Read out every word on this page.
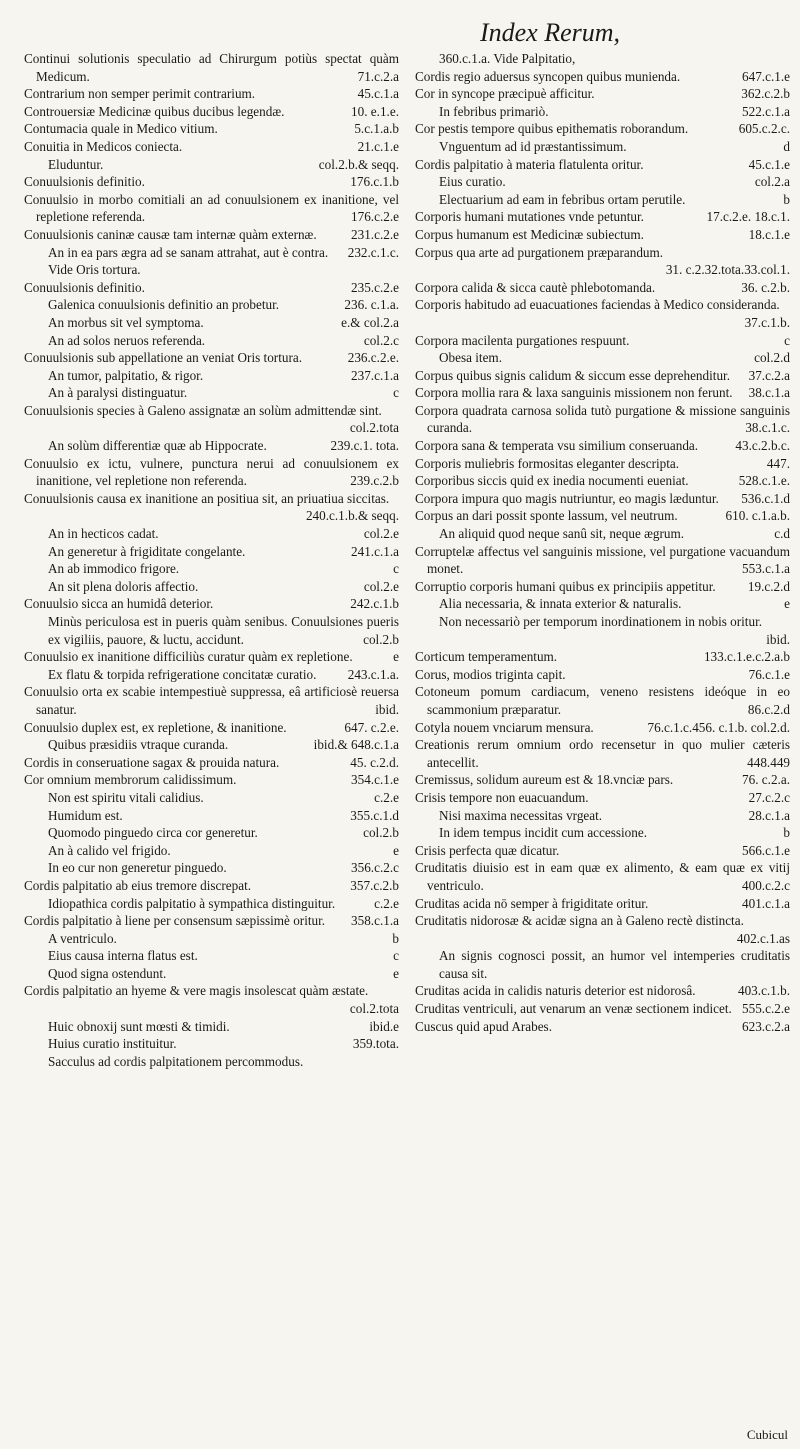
Index Rerum,

Continui solutionis speculatio ad Chirurgum potiùs spectat quàm Medicum.	71.c.2.a

Contrarium non semper perimit contrarium.	45.c.1.a

Controuersiæ Medicinæ quibus ducibus legendæ.	10. e.1.e.

Contumacia quale in Medico vitium.	5.c.1.a.b

Conuitia in Medicos coniecta.	21.c.1.e

Eluduntur.	col.2.b.& seqq.

Conuulsionis definitio.	176.c.1.b

Conuulsio in morbo comitiali an ad conuulsionem ex inanitione, vel repletione referenda.	176.c.2.e

Conuulsionis caninæ causæ tam internæ quàm externæ.	231.c.2.e

An in ea pars ægra ad se sanam attrahat, aut è contra.	232.c.1.c.

Vide Oris tortura.

Conuulsionis definitio.	235.c.2.e

Galenica conuulsionis definitio an probetur.	236. c.1.a.

An morbus sit vel symptoma.	e.& col.2.a

An ad solos neruos referenda.	col.2.c

Conuulsionis sub appellatione an veniat Oris tortura.	236.c.2.e.

An tumor, palpitatio, & rigor.	237.c.1.a

An à paralysi distinguatur.	c

Conuulsionis species à Galeno assignatæ an solùm admittendæ sint.
col.2.tota

An solùm differentiæ quæ ab Hippocrate.	239.c.1. tota.

Conuulsio ex ictu, vulnere, punctura nerui ad conuulsionem ex inanitione, vel repletione non referenda.	239.c.2.b

Conuulsionis causa ex inanitione an positiua sit, an priuatiua siccitas.
240.c.1.b.& seqq.

An in hecticos cadat.	col.2.e

An generetur à frigiditate congelante.	241.c.1.a

An ab immodico frigore.	c

An sit plena doloris affectio.	col.2.e

Conuulsio sicca an humidâ deterior.	242.c.1.b

Minùs periculosa est in pueris quàm senibus. Conuulsiones pueris ex vigiliis, pauore, & luctu, accidunt.	col.2.b

Conuulsio ex inanitione difficiliùs curatur quàm ex repletione.	e

Ex flatu & torpida refrigeratione concitatæ curatio.	243.c.1.a.

Conuulsio orta ex scabie intempestiuè suppressa, eâ artificiosè reuersa sanatur.	ibid.

Conuulsio duplex est, ex repletione, & inanitione.	647. c.2.e.

Quibus præsidiis vtraque curanda.	ibid.& 648.c.1.a

Cordis in conseruatione sagax & prouida natura.	45. c.2.d.

Cor omnium membrorum calidissimum.	354.c.1.e

Non est spiritu vitali calidius.	c.2.e

Humidum est.	355.c.1.d

Quomodo pinguedo circa cor generetur.	col.2.b

An à calido vel frigido.	e

In eo cur non generetur pinguedo.	356.c.2.c

Cordis palpitatio ab eius tremore discrepat.	357.c.2.b

Idiopathica cordis palpitatio à sympathica distinguitur.	c.2.e

Cordis palpitatio à liene per consensum sæpissimè oritur.	358.c.1.a

A ventriculo.	b

Eius causa interna flatus est.	c

Quod signa ostendunt.	e

Cordis palpitatio an hyeme & vere magis insolescat quàm æstate.
col.2.tota

Huic obnoxij sunt mœsti & timidi.	ibid.e

Huius curatio instituitur.	359.tota.

Sacculus ad cordis palpitationem percommodus.

360.c.1.a. Vide Palpitatio,

Cordis regio aduersus syncopen quibus munienda.	647.c.1.e

Cor in syncope præcipuè afficitur.	362.c.2.b

In febribus primariò.	522.c.1.a

Cor pestis tempore quibus epithematis roborandum.	605.c.2.c.

Vnguentum ad id præstantissimum.	d

Cordis palpitatio à materia flatulenta oritur.	45.c.1.e

Eius curatio.	col.2.a

Electuarium ad eam in febribus ortam perutile.	b

Corporis humani mutationes vnde petuntur.	17.c.2.e. 18.c.1.

Corpus humanum est Medicinæ subiectum.	18.c.1.e

Corpus qua arte ad purgationem præparandum.
31. c.2.32.tota.33.col.1.

Corpora calida & sicca cautè phlebotomanda.	36. c.2.b.

Corporis habitudo ad euacuationes faciendas à Medico consideranda.
37.c.1.b.

Corpora macilenta purgationes respuunt.	c

Obesa item.	col.2.d

Corpus quibus signis calidum & siccum esse deprehenditur.	37.c.2.a

Corpora mollia rara & laxa sanguinis missionem non ferunt.	38.c.1.a

Corpora quadrata carnosa solida tutò purgatione & missione sanguinis curanda.	38.c.1.c.

Corpora sana & temperata vsu similium conseruanda.	43.c.2.b.c.

Corporis muliebris formositas eleganter descripta.	447.

Corporibus siccis quid ex inedia nocumenti eueniat.	528.c.1.e.

Corpora impura quo magis nutriuntur, eo magis læduntur.	536.c.1.d

Corpus an dari possit sponte lassum, vel neutrum.	610. c.1.a.b.

An aliquid quod neque sanû sit, neque ægrum.	c.d

Corruptelæ affectus vel sanguinis missione, vel purgatione vacuandum monet.	553.c.1.a

Corruptio corporis humani quibus ex principiis appetitur.	19.c.2.d

Alia necessaria, & innata exterior & naturalis.	e

Non necessariò per temporum inordinationem in nobis oritur.
ibid.

Corticum temperamentum.	133.c.1.e.c.2.a.b

Corus, modios triginta capit.	76.c.1.e

Cotoneum pomum cardiacum, veneno resistens ideóque in eo scammonium præparatur.	86.c.2.d

Cotyla nouem vnciarum mensura.	76.c.1.c.456. c.1.b. col.2.d.

Creationis rerum omnium ordo recensetur in quo mulier cæteris antecellit.	448.449

Cremissus, solidum aureum est & 18.vnciæ pars.	76. c.2.a.

Crisis tempore non euacuandum.	27.c.2.c

Nisi maxima necessitas vrgeat.	28.c.1.a

In idem tempus incidit cum accessione.	b

Crisis perfecta quæ dicatur.	566.c.1.e

Cruditatis diuisio est in eam quæ ex alimento, & eam quæ ex vitij ventriculo.	400.c.2.c

Cruditas acida nō semper à frigiditate oritur.	401.c.1.a

Cruditatis nidorosæ & acidæ signa an à Galeno rectè distincta.
402.c.1.as

An signis cognosci possit, an humor vel intemperies cruditatis causa sit.

Cruditas acida in calidis naturis deterior est nidorosâ.	403.c.1.b.

Cruditas ventriculi, aut venarum an venæ sectionem indicet. 555.c.2.e

Cuscus quid apud Arabes.	623.c.2.a

Cubicul
